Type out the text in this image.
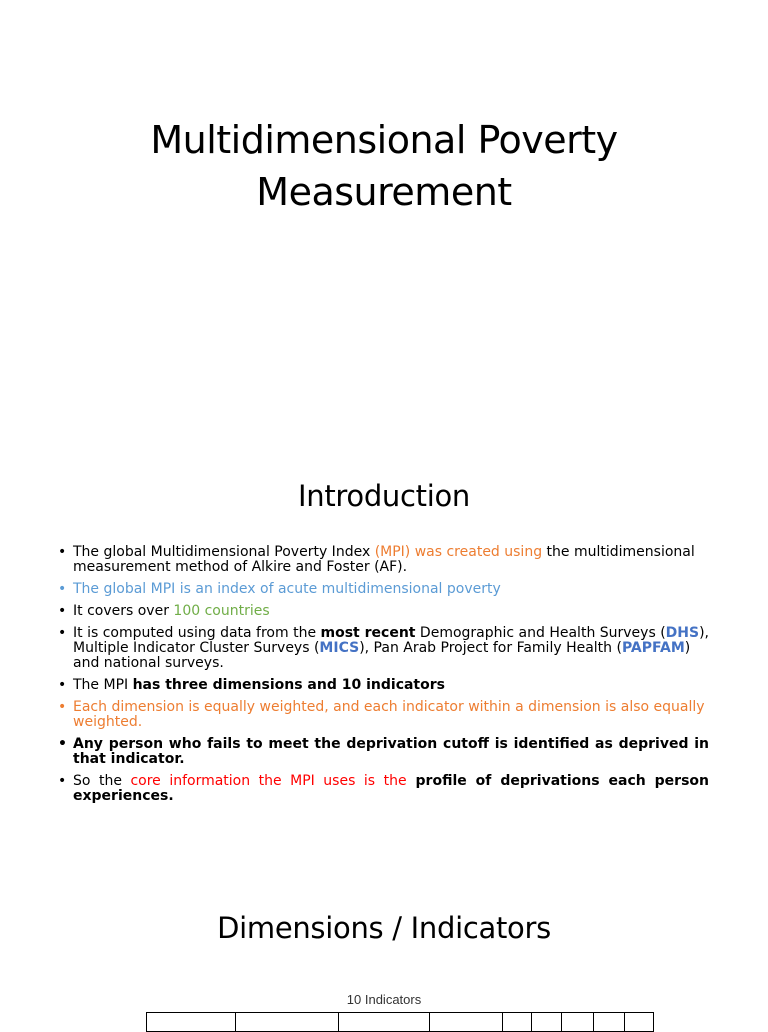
Multidimensional Poverty
Measurement
Introduction
• The global Multidimensional Poverty Index (MPI) was created using the multidimensional measurement method of Alkire and Foster (AF).
• The global MPI is an index of acute multidimensional poverty
• It covers over 100 countries
• It is computed using data from the most recent Demographic and Health Surveys (DHS), Multiple Indicator Cluster Surveys (MICS), Pan Arab Project for Family Health (PAPFAM) and national surveys.
• The MPI has three dimensions and 10 indicators
• Each dimension is equally weighted, and each indicator within a dimension is also equally weighted.
• Any person who fails to meet the deprivation cutoff is identified as deprived in that indicator.
• So the core information the MPI uses is the profile of deprivations each person experiences.
Dimensions / Indicators
10 Indicators
